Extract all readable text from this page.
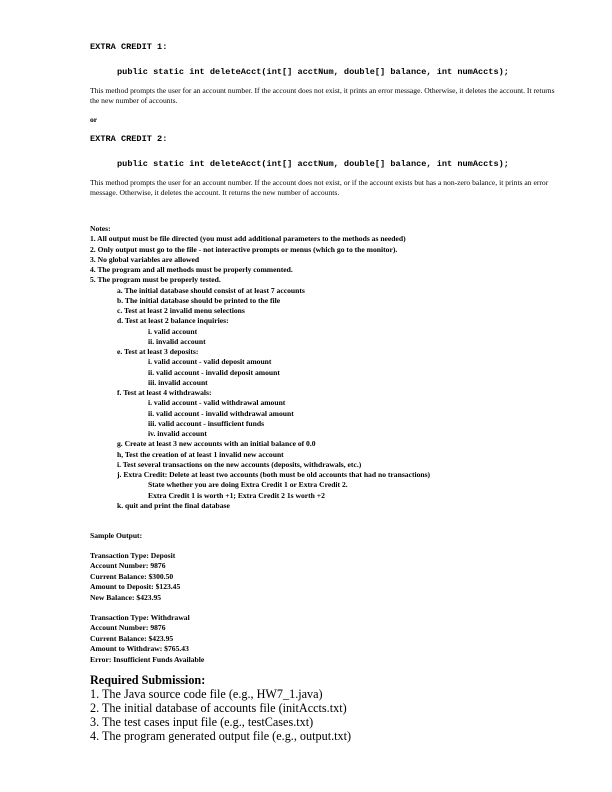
EXTRA CREDIT 1:
public static int deleteAcct(int[] acctNum, double[] balance, int numAccts);
This method prompts the user for an account number. If the account does not exist, it prints an error message. Otherwise, it deletes the account. It returns the new number of accounts.
or
EXTRA CREDIT 2:
public static int deleteAcct(int[] acctNum, double[] balance, int numAccts);
This method prompts the user for an account number. If the account does not exist, or if the account exists but has a non-zero balance, it prints an error message. Otherwise, it deletes the account. It returns the new number of accounts.
Notes:
1. All output must be file directed (you must add additional parameters to the methods as needed)
2. Only output must go to the file - not interactive prompts or menus (which go to the monitor).
3. No global variables are allowed
4. The program and all methods must be properly commented.
5. The program must be properly tested.
a. The initial database should consist of at least 7 accounts
b. The initial database should be printed to the file
c. Test at least 2 invalid menu selections
d. Test at least 2 balance inquiries:
i. valid account
ii. invalid account
e. Test at least 3 deposits:
i. valid account - valid deposit amount
ii. valid account - invalid deposit amount
iii. invalid account
f. Test at least 4 withdrawals:
i. valid account - valid withdrawal amount
ii. valid account - invalid withdrawal amount
iii. valid account - insufficient funds
iv. invalid account
g. Create at least 3 new accounts with an initial balance of 0.0
h, Test the creation of at least 1 invalid new account
i. Test several transactions on the new accounts (deposits, withdrawals, etc.)
j. Extra Credit: Delete at least two accounts (both must be old accounts that had no transactions)
State whether you are doing Extra Credit 1 or Extra Credit 2.
Extra Credit 1 is worth +1; Extra Credit 2 1s worth +2
k. quit and print the final database
Sample Output:
Transaction Type: Deposit
Account Number: 9876
Current Balance: $300.50
Amount to Deposit: $123.45
New Balance: $423.95
Transaction Type: Withdrawal
Account Number: 9876
Current Balance: $423.95
Amount to Withdraw: $765.43
Error: Insufficient Funds Available
Required Submission:
1. The Java source code file (e.g., HW7_1.java)
2. The initial database of accounts file (initAccts.txt)
3. The test cases input file (e.g., testCases.txt)
4. The program generated output file (e.g., output.txt)
